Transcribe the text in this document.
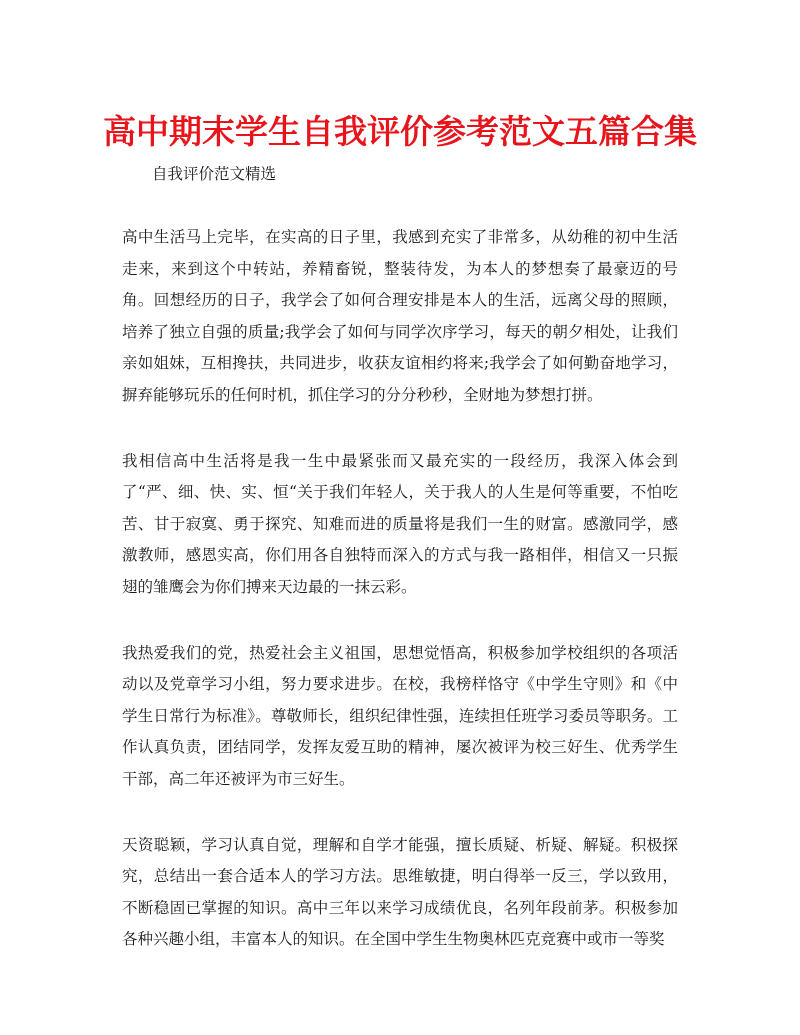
高中期末学生自我评价参考范文五篇合集

自我评价范文精选

高中生活马上完毕，在实高的日子里，我感到充实了非常多，从幼稚的初中生活走来，来到这个中转站，养精畜锐，整装待发，为本人的梦想奏了最豪迈的号角。回想经历的日子，我学会了如何合理安排是本人的生活，远离父母的照顾，培养了独立自强的质量;我学会了如何与同学次序学习，每天的朝夕相处，让我们亲如姐妹，互相搀扶，共同进步，收获友谊相约将来;我学会了如何勤奋地学习，摒弃能够玩乐的任何时机，抓住学习的分分秒秒，全财地为梦想打拼。

我相信高中生活将是我一生中最紧张而又最充实的一段经历，我深入体会到了“严、细、快、实、恒“关于我们年轻人，关于我人的人生是何等重要，不怕吃苦、甘于寂寞、勇于探究、知难而进的质量将是我们一生的财富。感激同学，感激教师，感恩实高，你们用各自独特而深入的方式与我一路相伴，相信又一只振翅的雏鹰会为你们搏来天边最的一抹云彩。

我热爱我们的党，热爱社会主义祖国，思想觉悟高，积极参加学校组织的各项活动以及党章学习小组，努力要求进步。在校，我榜样恪守《中学生守则》和《中学生日常行为标准》。尊敬师长，组织纪律性强，连续担任班学习委员等职务。工作认真负责，团结同学，发挥友爱互助的精神，屡次被评为校三好生、优秀学生干部，高二年还被评为市三好生。

天资聪颖，学习认真自觉，理解和自学才能强，擅长质疑、析疑、解疑。积极探究，总结出一套合适本人的学习方法。思维敏捷，明白得举一反三，学以致用，不断稳固已掌握的知识。高中三年以来学习成绩优良，名列年段前茅。积极参加各种兴趣小组，丰富本人的知识。在全国中学生生物奥林匹克竞赛中或市一等奖
